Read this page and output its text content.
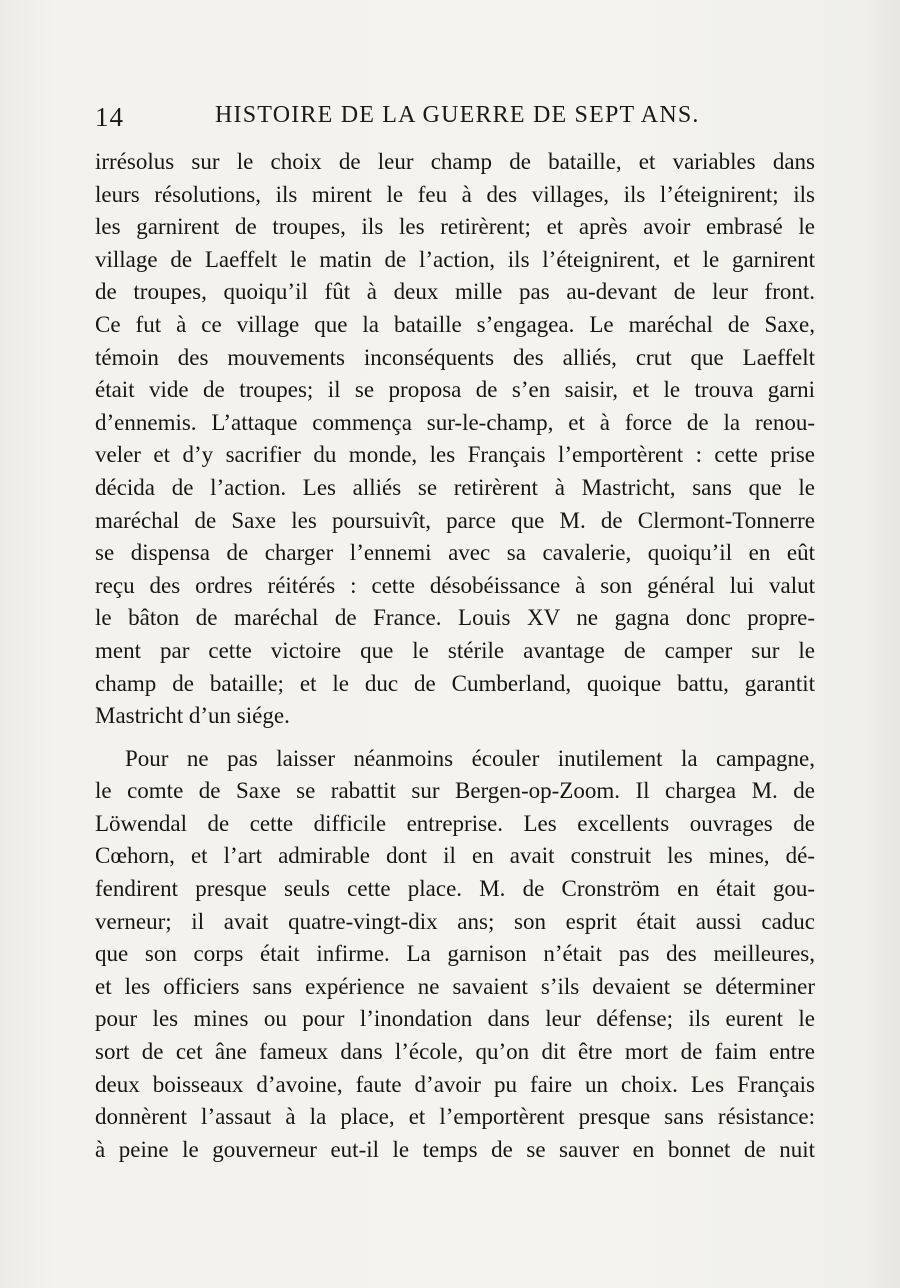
14	HISTOIRE DE LA GUERRE DE SEPT ANS.
irrésolus sur le choix de leur champ de bataille, et variables dans
leurs résolutions, ils mirent le feu à des villages, ils l’éteignirent; ils
les garnirent de troupes, ils les retirèrent; et après avoir embrasé le
village de Laeffelt le matin de l’action, ils l’éteignirent, et le garnirent
de troupes, quoiqu’il fût à deux mille pas au-devant de leur front.
Ce fut à ce village que la bataille s’engagea. Le maréchal de Saxe,
témoin des mouvements inconséquents des alliés, crut que Laeffelt
était vide de troupes; il se proposa de s’en saisir, et le trouva garni
d’ennemis. L’attaque commença sur-le-champ, et à force de la renou-
veler et d’y sacrifier du monde, les Français l’emportèrent : cette prise
décida de l’action. Les alliés se retirèrent à Mastricht, sans que le
maréchal de Saxe les poursuivît, parce que M. de Clermont-Tonnerre
se dispensa de charger l’ennemi avec sa cavalerie, quoiqu’il en eût
reçu des ordres réitérés : cette désobéissance à son général lui valut
le bâton de maréchal de France. Louis XV ne gagna donc propre-
ment par cette victoire que le stérile avantage de camper sur le
champ de bataille; et le duc de Cumberland, quoique battu, garantit
Mastricht d’un siége.
Pour ne pas laisser néanmoins écouler inutilement la campagne,
le comte de Saxe se rabattit sur Bergen-op-Zoom. Il chargea M. de
Löwendal de cette difficile entreprise. Les excellents ouvrages de
Cœhorn, et l’art admirable dont il en avait construit les mines, dé-
fendirent presque seuls cette place. M. de Cronström en était gou-
verneur; il avait quatre-vingt-dix ans; son esprit était aussi caduc
que son corps était infirme. La garnison n’était pas des meilleures,
et les officiers sans expérience ne savaient s’ils devaient se déterminer
pour les mines ou pour l’inondation dans leur défense; ils eurent le
sort de cet âne fameux dans l’école, qu’on dit être mort de faim entre
deux boisseaux d’avoine, faute d’avoir pu faire un choix. Les Français
donnèrent l’assaut à la place, et l’emportèrent presque sans résistance:
à peine le gouverneur eut-il le temps de se sauver en bonnet de nuit
